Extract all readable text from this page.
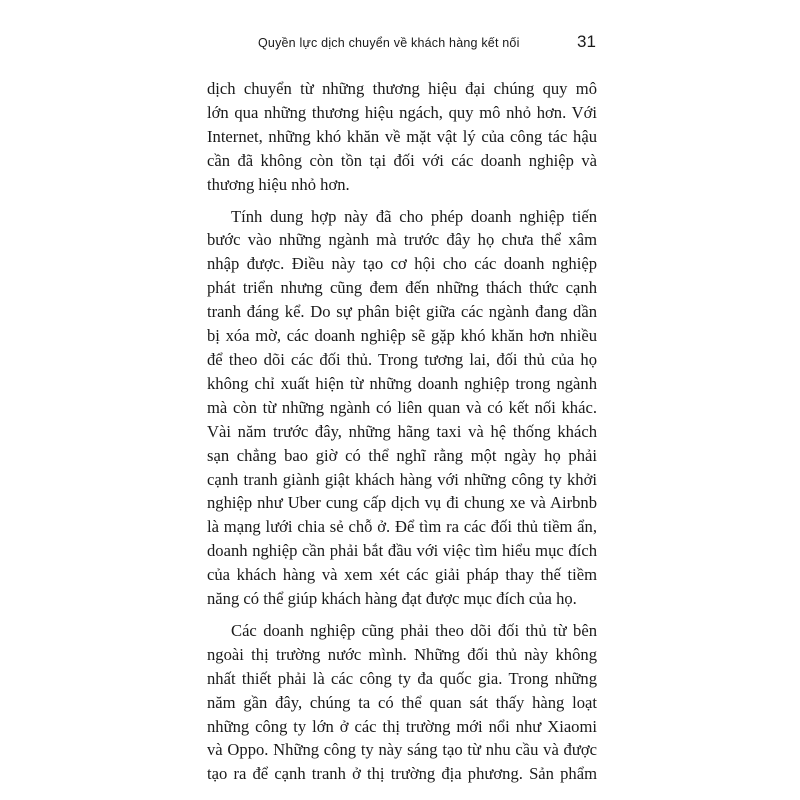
Quyền lực dịch chuyển về khách hàng kết nối	31

dịch chuyển từ những thương hiệu đại chúng quy mô
lớn qua những thương hiệu ngách, quy mô nhỏ hơn. Với
Internet, những khó khăn về mặt vật lý của công tác hậu
cần đã không còn tồn tại đối với các doanh nghiệp và
thương hiệu nhỏ hơn.

Tính dung hợp này đã cho phép doanh nghiệp tiến
bước vào những ngành mà trước đây họ chưa thể xâm
nhập được. Điều này tạo cơ hội cho các doanh nghiệp
phát triển nhưng cũng đem đến những thách thức cạnh
tranh đáng kể. Do sự phân biệt giữa các ngành đang dần
bị xóa mờ, các doanh nghiệp sẽ gặp khó khăn hơn nhiều
để theo dõi các đối thủ. Trong tương lai, đối thủ của họ
không chỉ xuất hiện từ những doanh nghiệp trong ngành
mà còn từ những ngành có liên quan và có kết nối khác.
Vài năm trước đây, những hãng taxi và hệ thống khách
sạn chẳng bao giờ có thể nghĩ rằng một ngày họ phải
cạnh tranh giành giật khách hàng với những công ty khởi
nghiệp như Uber cung cấp dịch vụ đi chung xe và Airbnb
là mạng lưới chia sẻ chỗ ở. Để tìm ra các đối thủ tiềm ẩn,
doanh nghiệp cần phải bắt đầu với việc tìm hiểu mục đích
của khách hàng và xem xét các giải pháp thay thế tiềm
năng có thể giúp khách hàng đạt được mục đích của họ.

Các doanh nghiệp cũng phải theo dõi đối thủ từ bên
ngoài thị trường nước mình. Những đối thủ này không
nhất thiết phải là các công ty đa quốc gia. Trong những
năm gần đây, chúng ta có thể quan sát thấy hàng loạt
những công ty lớn ở các thị trường mới nổi như Xiaomi
và Oppo. Những công ty này sáng tạo từ nhu cầu và được
tạo ra để cạnh tranh ở thị trường địa phương. Sản phẩm
